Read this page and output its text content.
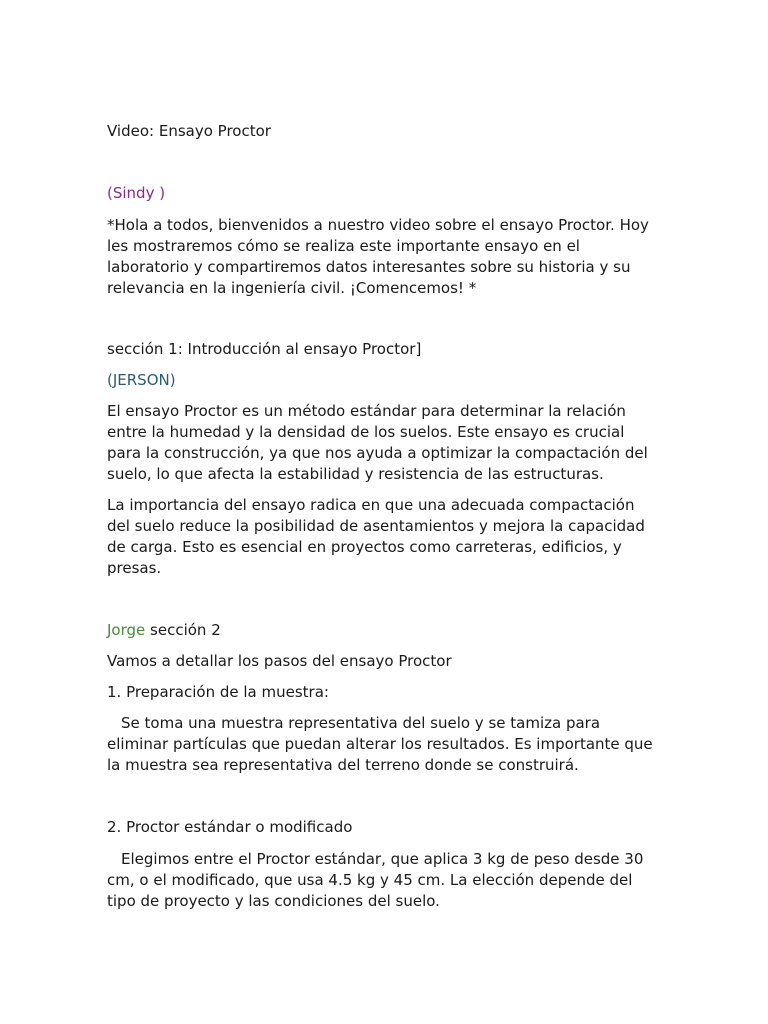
Video: Ensayo Proctor
(Sindy )
*Hola a todos, bienvenidos a nuestro video sobre el ensayo Proctor. Hoy les mostraremos cómo se realiza este importante ensayo en el laboratorio y compartiremos datos interesantes sobre su historia y su relevancia en la ingeniería civil. ¡Comencemos! *
sección 1: Introducción al ensayo Proctor]
(JERSON)
El ensayo Proctor es un método estándar para determinar la relación entre la humedad y la densidad de los suelos. Este ensayo es crucial para la construcción, ya que nos ayuda a optimizar la compactación del suelo, lo que afecta la estabilidad y resistencia de las estructuras.
La importancia del ensayo radica en que una adecuada compactación del suelo reduce la posibilidad de asentamientos y mejora la capacidad de carga. Esto es esencial en proyectos como carreteras, edificios, y presas.
Jorge sección 2
Vamos a detallar los pasos del ensayo Proctor
1. Preparación de la muestra:
Se toma una muestra representativa del suelo y se tamiza para eliminar partículas que puedan alterar los resultados. Es importante que la muestra sea representativa del terreno donde se construirá.
2. Proctor estándar o modificado
Elegimos entre el Proctor estándar, que aplica 3 kg de peso desde 30 cm, o el modificado, que usa 4.5 kg y 45 cm. La elección depende del tipo de proyecto y las condiciones del suelo.
